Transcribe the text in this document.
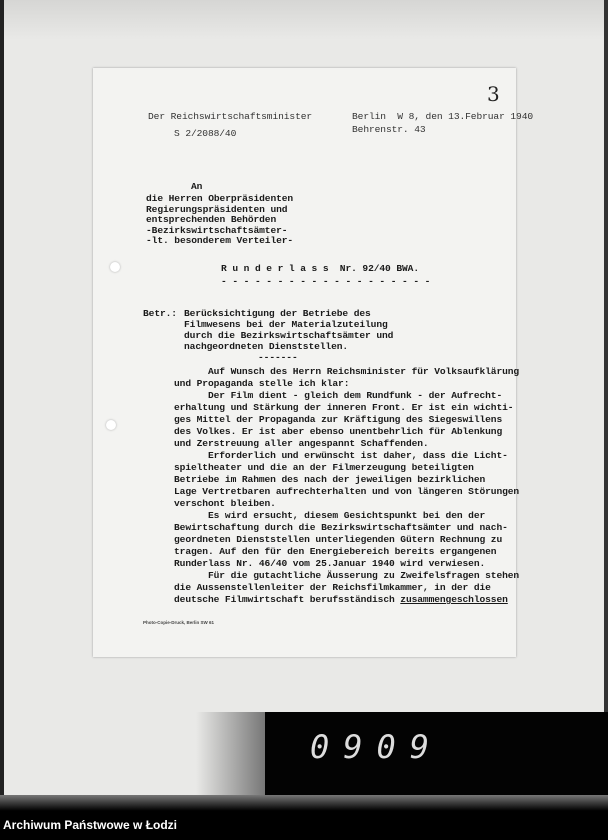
3
Der Reichswirtschaftsminister
S 2/2088/40
Berlin  W 8, den 13.Februar 1940
Behrenstr. 43
An
die Herren Oberpräsidenten
Regierungspräsidenten und
entsprechenden Behörden
-Bezirkswirtschaftsämter-
-lt. besonderem Verteiler-
R u n d e r l a s s  Nr. 92/40 BWA.
- - - - - - - - - - - - - - - - - - -
Betr.: Berücksichtigung der Betriebe des
Filmwesens bei der Materialzuteilung
durch die Bezirkswirtschaftsämter und
nachgeordneten Dienststellen.
-------
Auf Wunsch des Herrn Reichsminister für Volksaufklärung
und Propaganda stelle ich klar:
Der Film dient - gleich dem Rundfunk - der Aufrecht-
erhaltung und Stärkung der inneren Front. Er ist ein wichti-
ges Mittel der Propaganda zur Kräftigung des Siegeswillens
des Volkes. Er ist aber ebenso unentbehrlich für Ablenkung
und Zerstreuung aller angespannt Schaffenden.
Erforderlich und erwünscht ist daher, dass die Licht-
spieltheater und die an der Filmerzeugung beteiligten
Betriebe im Rahmen des nach der jeweiligen bezirklichen
Lage Vertretbaren aufrechterhalten und von längeren Störungen
verschont bleiben.
Es wird ersucht, diesem Gesichtspunkt bei den der
Bewirtschaftung durch die Bezirkswirtschaftsämter und nach-
geordneten Dienststellen unterliegenden Gütern Rechnung zu
tragen. Auf den für den Energiebereich bereits ergangenen
Runderlass Nr. 46/40 vom 25.Januar 1940 wird verwiesen.
Für die gutachtliche Äusserung zu Zweifelsfragen stehen
die Aussenstellenleiter der Reichsfilmkammer, in der die
deutsche Filmwirtschaft berufsständisch zusammengeschlossen
Photo-Copie-Druck, Berlin SW 61
0909
Archiwum Państwowe w Łodzi
